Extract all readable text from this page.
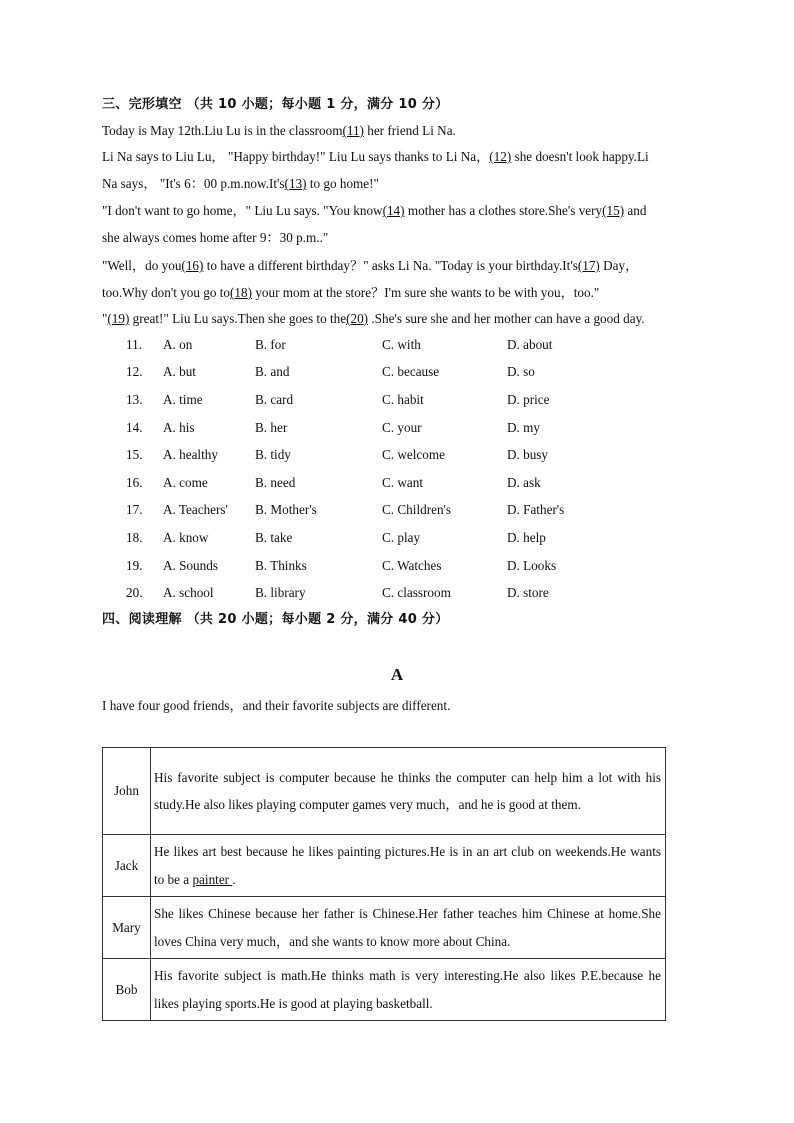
三、完形填空 （共 10 小题；每小题 1 分，满分 10 分）
Today is May 12th.Liu Lu is in the classroom(11) her friend Li Na.
Li Na says to Liu Lu， "Happy birthday!" Liu Lu says thanks to Li Na，(12) she doesn't look happy.Li
Na says， "It's 6：00 p.m.now.It's(13) to go home!"
"I don't want to go home，" Liu Lu says. "You know(14) mother has a clothes store.She's very(15) and
she always comes home after 9：30 p.m.."
"Well，do you(16) to have a different birthday？" asks Li Na. "Today is your birthday.It's(17) Day，
too.Why don't you go to(18) your mom at the store？I'm sure she wants to be with you，too."
"(19) great!" Liu Lu says.Then she goes to the(20) .She's sure she and her mother can have a good day.
11. A. on	B. for	C. with	D. about
12. A. but	B. and	C. because	D. so
13. A. time	B. card	C. habit	D. price
14. A. his	B. her	C. your	D. my
15. A. healthy	B. tidy	C. welcome	D. busy
16. A. come	B. need	C. want	D. ask
17. A. Teachers' B. Mother's	C. Children's	D. Father's
18. A. know	B. take	C. play	D. help
19. A. Sounds	B. Thinks	C. Watches	D. Looks
20. A. school	B. library	C. classroom	D. store
四、阅读理解 （共 20 小题；每小题 2 分，满分 40 分）
A
I have four good friends，and their favorite subjects are different.
John	His favorite subject is computer because he thinks the computer can help him a lot with his study.He also likes playing computer games very much，and he is good at them.
Jack	He likes art best because he likes painting pictures.He is in an art club on weekends.He wants to be a painter .
Mary	She likes Chinese because her father is Chinese.Her father teaches him Chinese at home.She loves China very much，and she wants to know more about China.
Bob	His favorite subject is math.He thinks math is very interesting.He also likes P.E.because he likes playing sports.He is good at playing basketball.
